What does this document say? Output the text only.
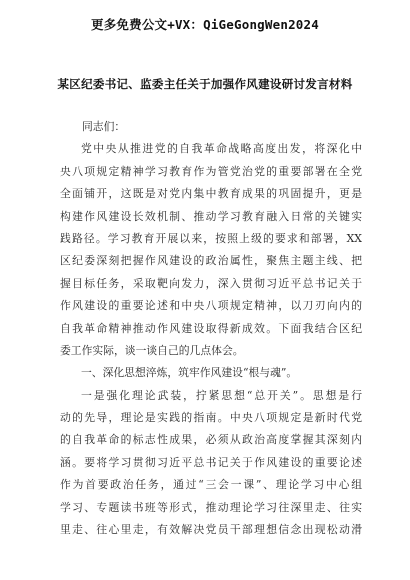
更多免费公文+VX：QiGeGongWen2024
某区纪委书记、监委主任关于加强作风建设研讨发言材料
同志们：
党中央从推进党的自我革命战略高度出发，将深化中
央八项规定精神学习教育作为管党治党的重要部署在全党
全面铺开，这既是对党内集中教育成果的巩固提升，更是
构建作风建设长效机制、推动学习教育融入日常的关键实
践路径。学习教育开展以来，按照上级的要求和部署，XX
区纪委深刻把握作风建设的政治属性，聚焦主题主线、把
握目标任务，采取靶向发力，深入贯彻习近平总书记关于
作风建设的重要论述和中央八项规定精神，以刀刃向内的
自我革命精神推动作风建设取得新成效。下面我结合区纪
委工作实际，谈一谈自己的几点体会。
一、深化思想淬炼，筑牢作风建设“根与魂”。
一是强化理论武装，拧紧思想“总开关”。思想是行
动的先导，理论是实践的指南。中央八项规定是新时代党
的自我革命的标志性成果，必须从政治高度掌握其深刻内
涵。要将学习贯彻习近平总书记关于作风建设的重要论述
作为首要政治任务，通过“三会一课”、理论学习中心组
学习、专题读书班等形式，推动理论学习往深里走、往实
里走、往心里走，有效解决党员干部理想信念出现松动滑
